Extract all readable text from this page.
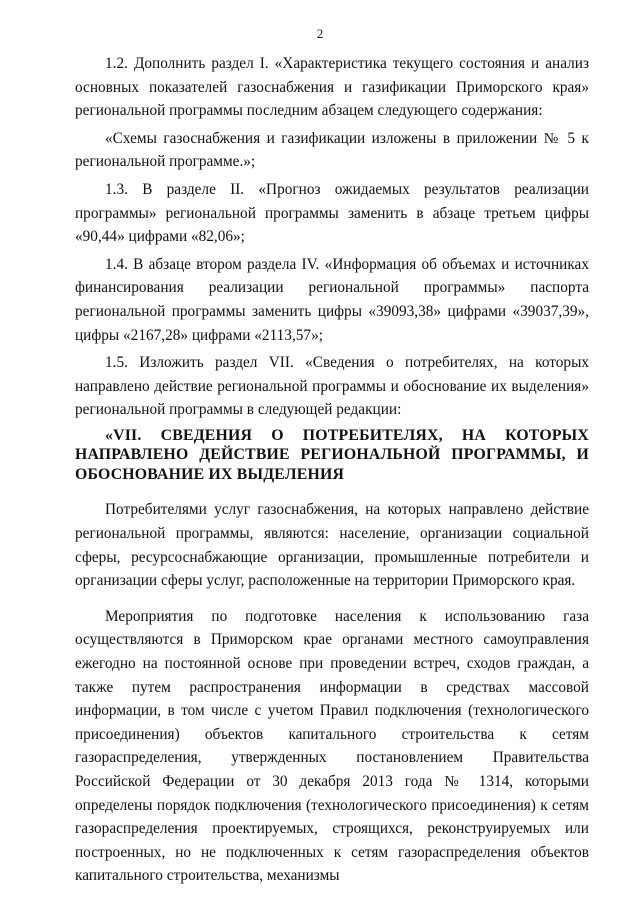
2

1.2. Дополнить раздел I. «Характеристика текущего состояния и анализ основных показателей газоснабжения и газификации Приморского края» региональной программы последним абзацем следующего содержания:

«Схемы газоснабжения и газификации изложены в приложении № 5 к региональной программе.»;

1.3. В разделе II. «Прогноз ожидаемых результатов реализации программы» региональной программы заменить в абзаце третьем цифры «90,44» цифрами «82,06»;

1.4. В абзаце втором раздела IV. «Информация об объемах и источниках финансирования реализации региональной программы» паспорта региональной программы заменить цифры «39093,38» цифрами «39037,39», цифры «2167,28» цифрами «2113,57»;

1.5. Изложить раздел VII. «Сведения о потребителях, на которых направлено действие региональной программы и обоснование их выделения» региональной программы в следующей редакции:

«VII. СВЕДЕНИЯ О ПОТРЕБИТЕЛЯХ, НА КОТОРЫХ НАПРАВЛЕНО ДЕЙСТВИЕ РЕГИОНАЛЬНОЙ ПРОГРАММЫ, И ОБОСНОВАНИЕ ИХ ВЫДЕЛЕНИЯ

Потребителями услуг газоснабжения, на которых направлено действие региональной программы, являются: население, организации социальной сферы, ресурсоснабжающие организации, промышленные потребители и организации сферы услуг, расположенные на территории Приморского края.

Мероприятия по подготовке населения к использованию газа осуществляются в Приморском крае органами местного самоуправления ежегодно на постоянной основе при проведении встреч, сходов граждан, а также путем распространения информации в средствах массовой информации, в том числе с учетом Правил подключения (технологического присоединения) объектов капитального строительства к сетям газораспределения, утвержденных постановлением Правительства Российской Федерации от 30 декабря 2013 года № 1314, которыми определены порядок подключения (технологического присоединения) к сетям газораспределения проектируемых, строящихся, реконструируемых или построенных, но не подключенных к сетям газораспределения объектов капитального строительства, механизмы
